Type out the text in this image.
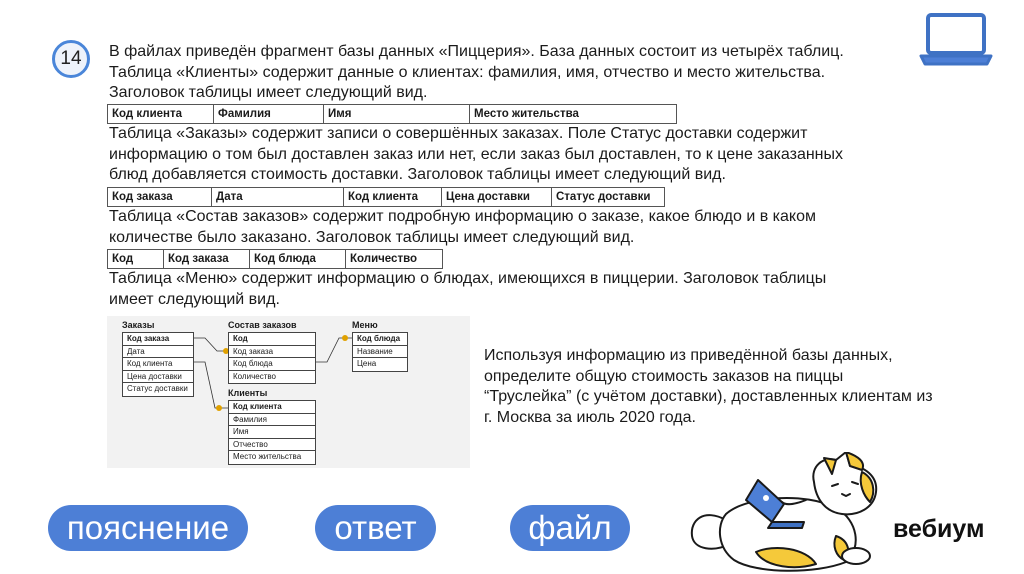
14 В файлах приведён фрагмент базы данных «Пиццерия». База данных состоит из четырёх таблиц.
Таблица «Клиенты» содержит данные о клиентах: фамилия, имя, отчество и место жительства.
Заголовок таблицы имеет следующий вид.
Код клиента	Фамилия	Имя	Место жительства
Таблица «Заказы» содержит записи о совершённых заказах. Поле Статус доставки содержит
информацию о том был доставлен заказ или нет, если заказ был доставлен, то к цене заказанных
блюд добавляется стоимость доставки. Заголовок таблицы имеет следующий вид.
Код заказа	Дата	Код клиента	Цена доставки	Статус доставки
Таблица «Состав заказов» содержит подробную информацию о заказе, какое блюдо и в каком
количестве было заказано. Заголовок таблицы имеет следующий вид.
Код	Код заказа	Код блюда	Количество
Таблица «Меню» содержит информацию о блюдах, имеющихся в пиццерии. Заголовок таблицы
имеет следующий вид.
Заказы
Код заказа
Дата
Код клиента
Цена доставки
Статус доставки
Состав заказов
Код
Код заказа
Код блюда
Количество
Меню
Код блюда
Название
Цена
Клиенты
Код клиента
Фамилия
Имя
Отчество
Место жительства
Используя информацию из приведённой базы данных,
определите общую стоимость заказов на пиццы
“Труслейка” (с учётом доставки), доставленных клиентам из
г. Москва за июль 2020 года.
пояснение	ответ	файл	вебиум
